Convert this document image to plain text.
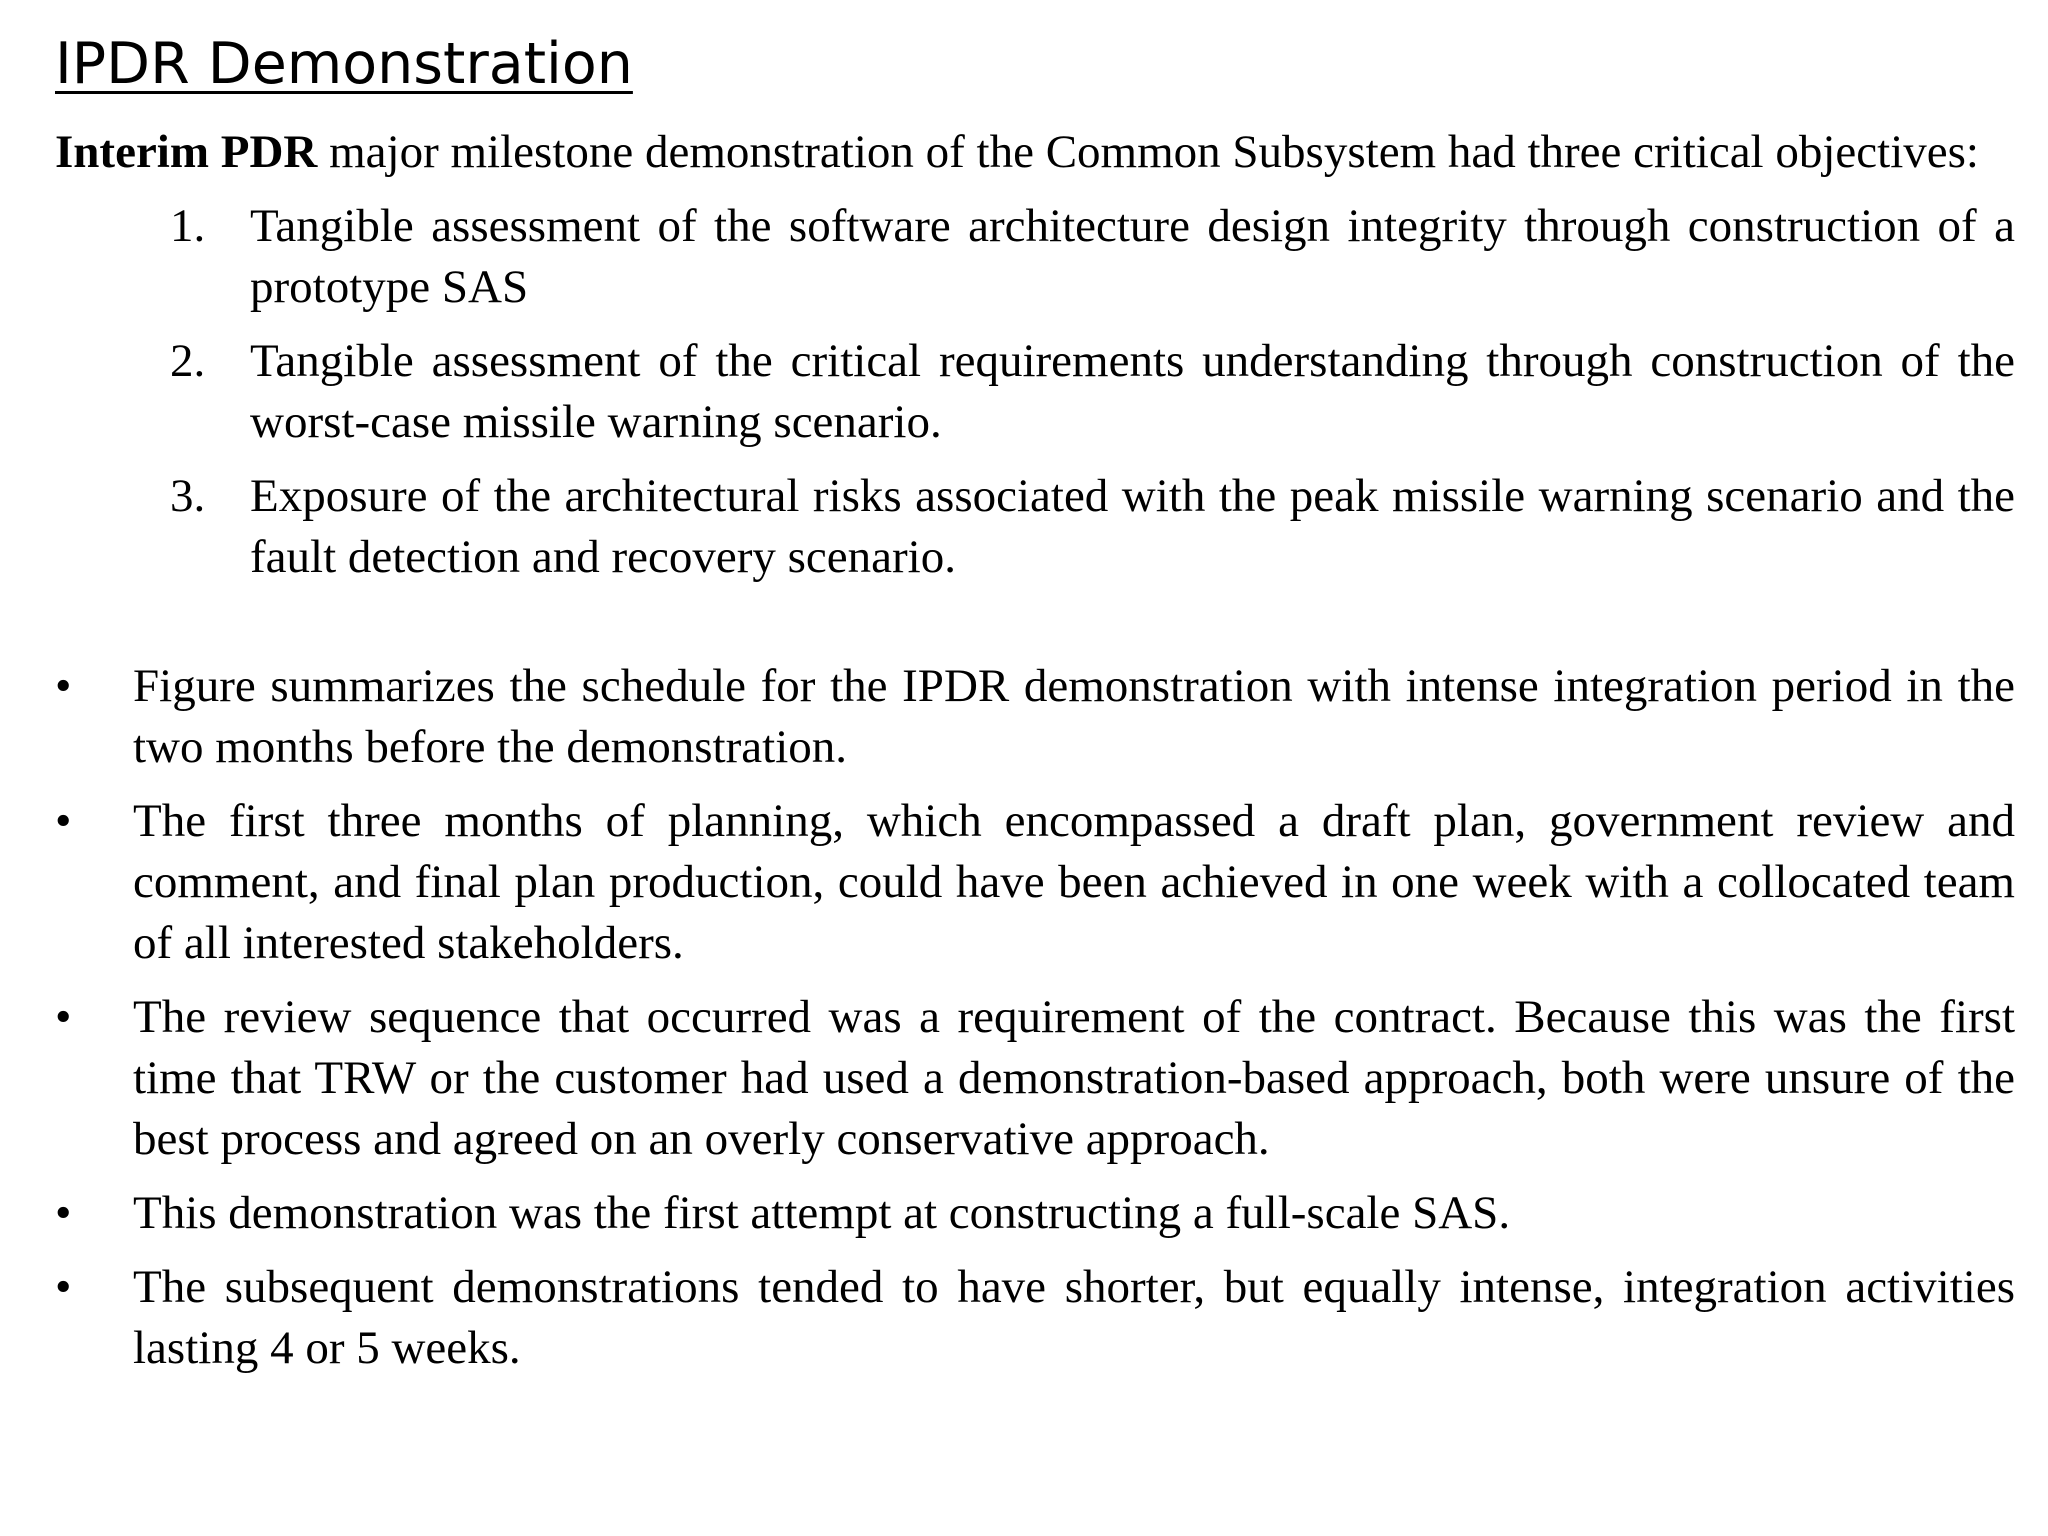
IPDR Demonstration

Interim PDR major milestone demonstration of the Common Subsystem had three critical objectives:

1. Tangible assessment of the software architecture design integrity through construction of a prototype SAS
2. Tangible assessment of the critical requirements understanding through construction of the worst-case missile warning scenario.
3. Exposure of the architectural risks associated with the peak missile warning scenario and the fault detection and recovery scenario.
• Figure summarizes the schedule for the IPDR demonstration with intense integration period in the two months before the demonstration.
• The first three months of planning, which encompassed a draft plan, government review and comment, and final plan production, could have been achieved in one week with a collocated team of all interested stakeholders.
• The review sequence that occurred was a requirement of the contract. Because this was the first time that TRW or the customer had used a demonstration-based approach, both were unsure of the best process and agreed on an overly conservative approach.
• This demonstration was the first attempt at constructing a full-scale SAS.
• The subsequent demonstrations tended to have shorter, but equally intense, integration activities lasting 4 or 5 weeks.
